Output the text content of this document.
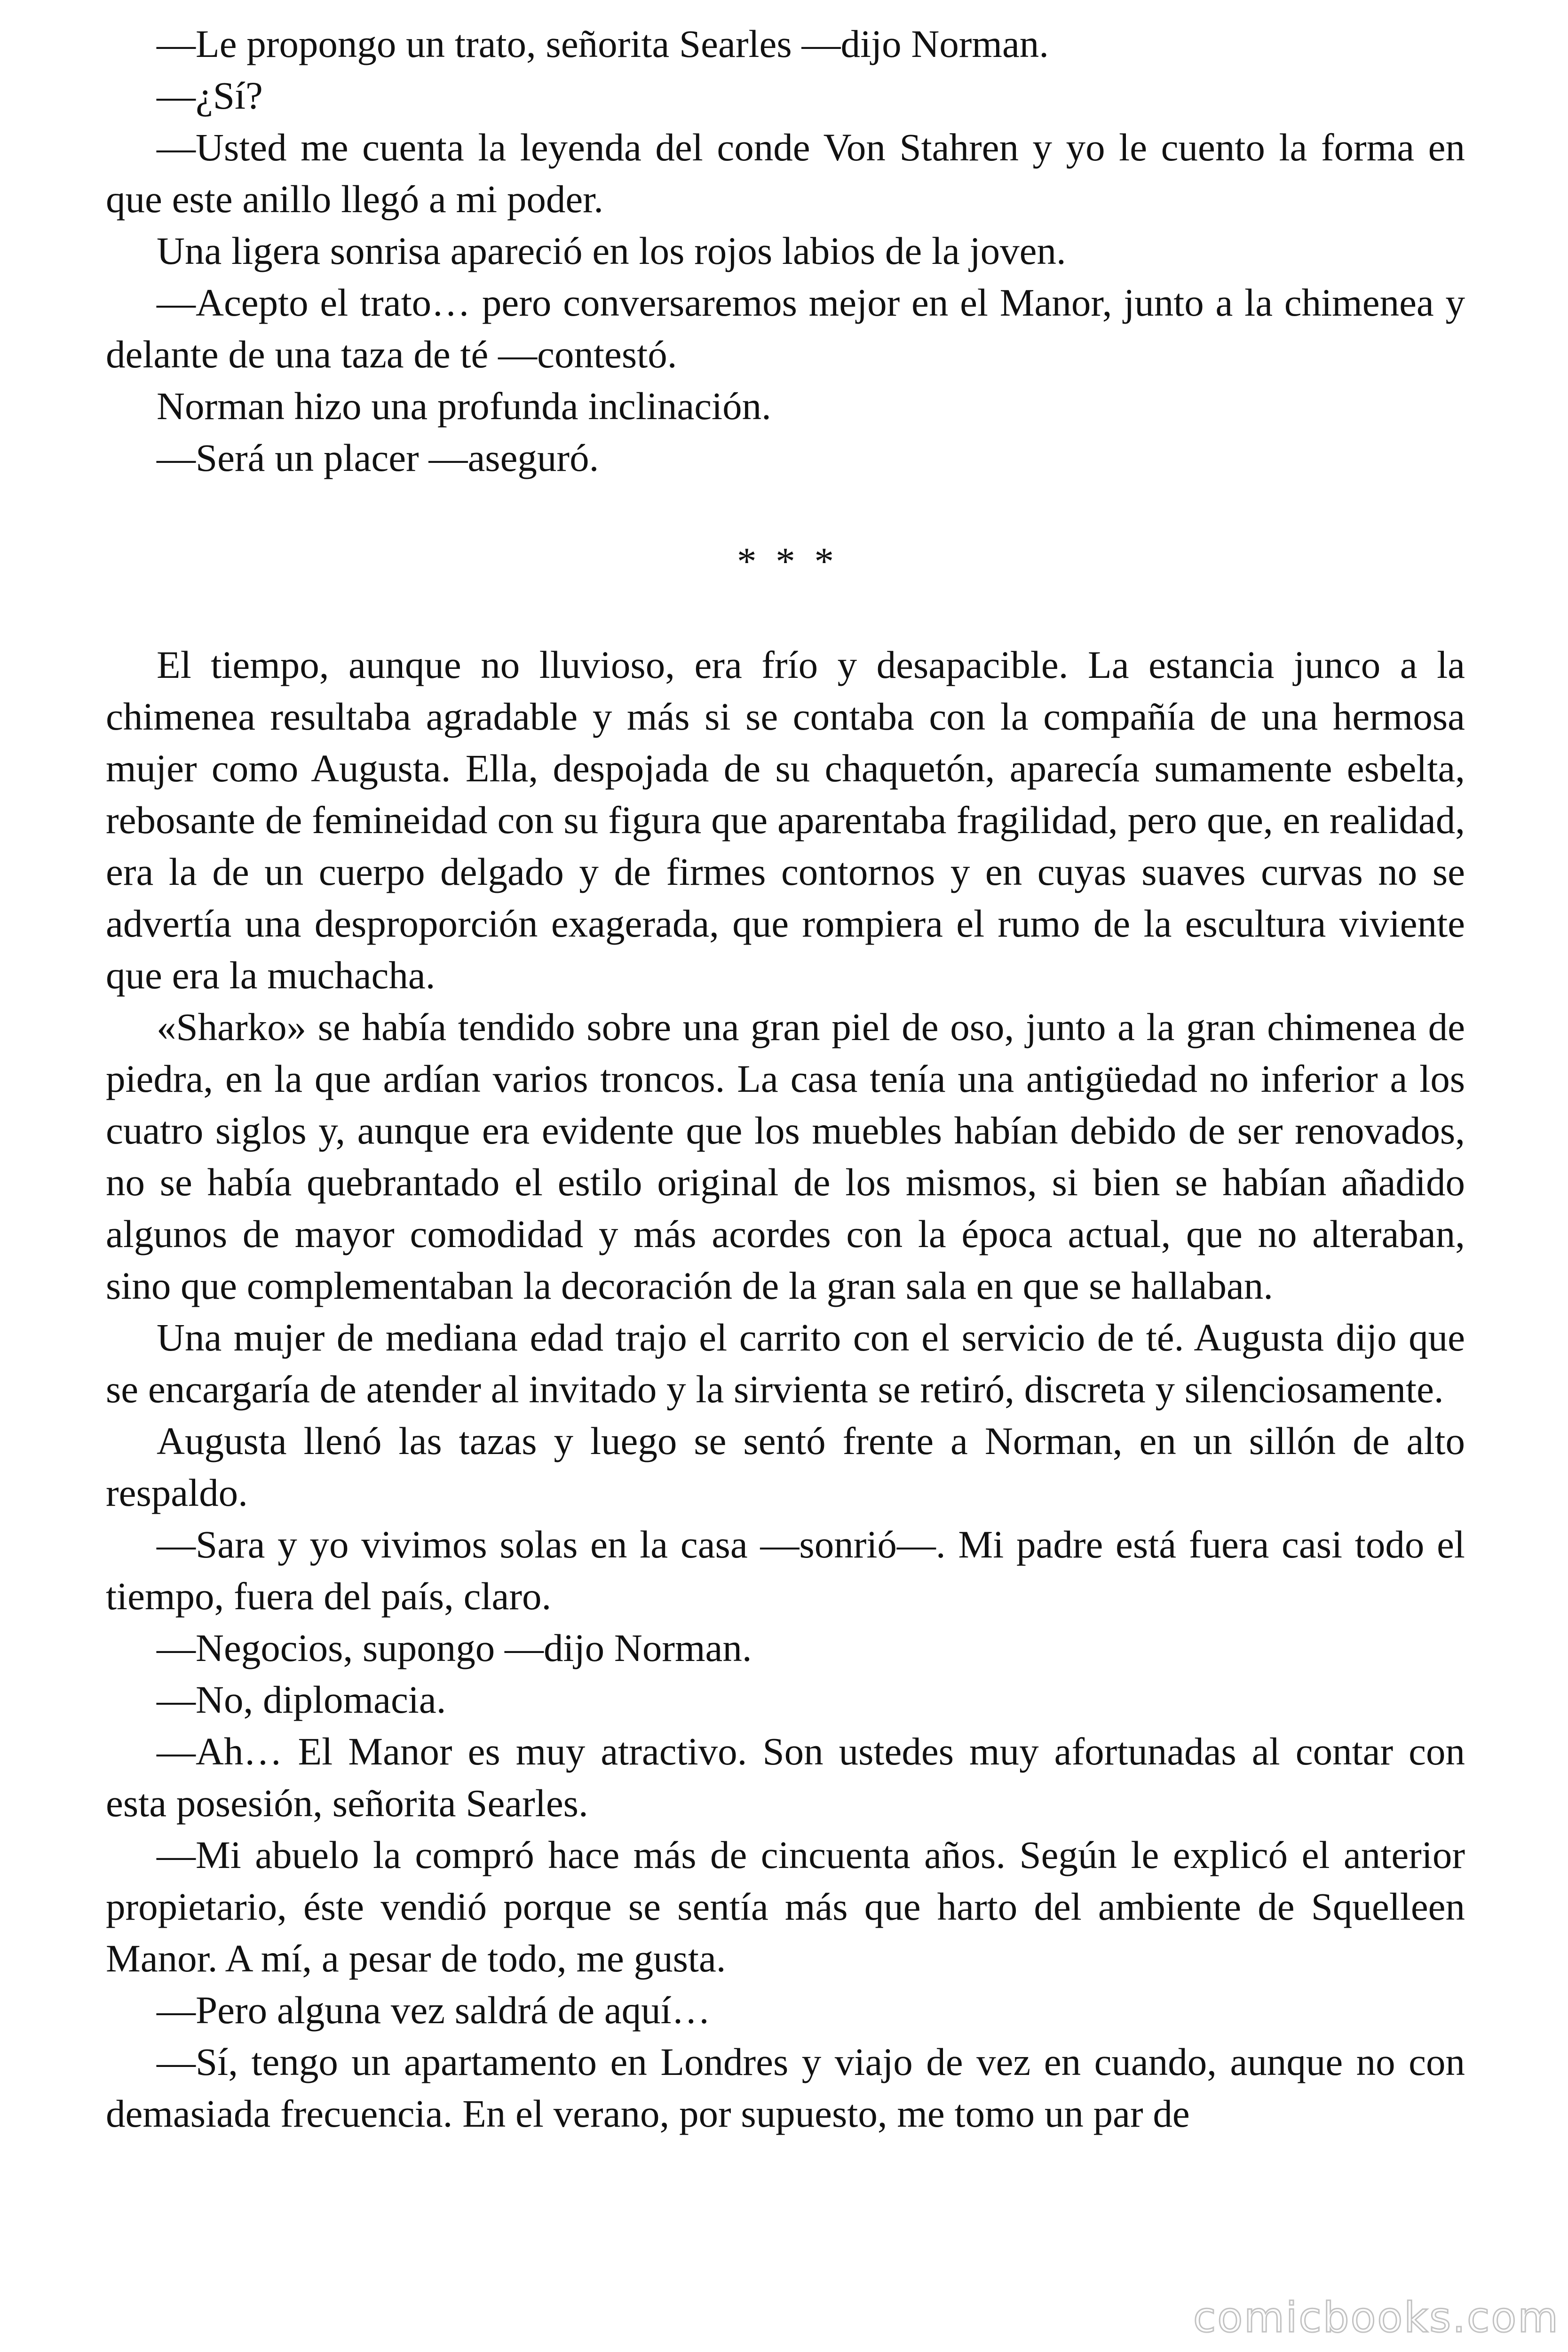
—Le propongo un trato, señorita Searles —dijo Norman.

—¿Sí?

—Usted me cuenta la leyenda del conde Von Stahren y yo le cuento la forma en que este anillo llegó a mi poder.

Una ligera sonrisa apareció en los rojos labios de la joven.

—Acepto el trato… pero conversaremos mejor en el Manor, junto a la chimenea y delante de una taza de té —contestó.

Norman hizo una profunda inclinación.

—Será un placer —aseguró.

* * *

El tiempo, aunque no lluvioso, era frío y desapacible. La estancia junco a la chimenea resultaba agradable y más si se contaba con la compañía de una hermosa mujer como Augusta. Ella, despojada de su chaquetón, aparecía sumamente esbelta, rebosante de femineidad con su figura que aparentaba fragilidad, pero que, en realidad, era la de un cuerpo delgado y de firmes contornos y en cuyas suaves curvas no se advertía una desproporción exagerada, que rompiera el rumo de la escultura viviente que era la muchacha.

«Sharko» se había tendido sobre una gran piel de oso, junto a la gran chimenea de piedra, en la que ardían varios troncos. La casa tenía una antigüedad no inferior a los cuatro siglos y, aunque era evidente que los muebles habían debido de ser renovados, no se había quebrantado el estilo original de los mismos, si bien se habían añadido algunos de mayor comodidad y más acordes con la época actual, que no alteraban, sino que complementaban la decoración de la gran sala en que se hallaban.

Una mujer de mediana edad trajo el carrito con el servicio de té. Augusta dijo que se encargaría de atender al invitado y la sirvienta se retiró, discreta y silenciosamente.

Augusta llenó las tazas y luego se sentó frente a Norman, en un sillón de alto respaldo.

—Sara y yo vivimos solas en la casa —sonrió—. Mi padre está fuera casi todo el tiempo, fuera del país, claro.

—Negocios, supongo —dijo Norman.

—No, diplomacia.

—Ah… El Manor es muy atractivo. Son ustedes muy afortunadas al contar con esta posesión, señorita Searles.

—Mi abuelo la compró hace más de cincuenta años. Según le explicó el anterior propietario, éste vendió porque se sentía más que harto del ambiente de Squelleen Manor. A mí, a pesar de todo, me gusta.

—Pero alguna vez saldrá de aquí…

—Sí, tengo un apartamento en Londres y viajo de vez en cuando, aunque no con demasiada frecuencia. En el verano, por supuesto, me tomo un par de

comicbooks.com
